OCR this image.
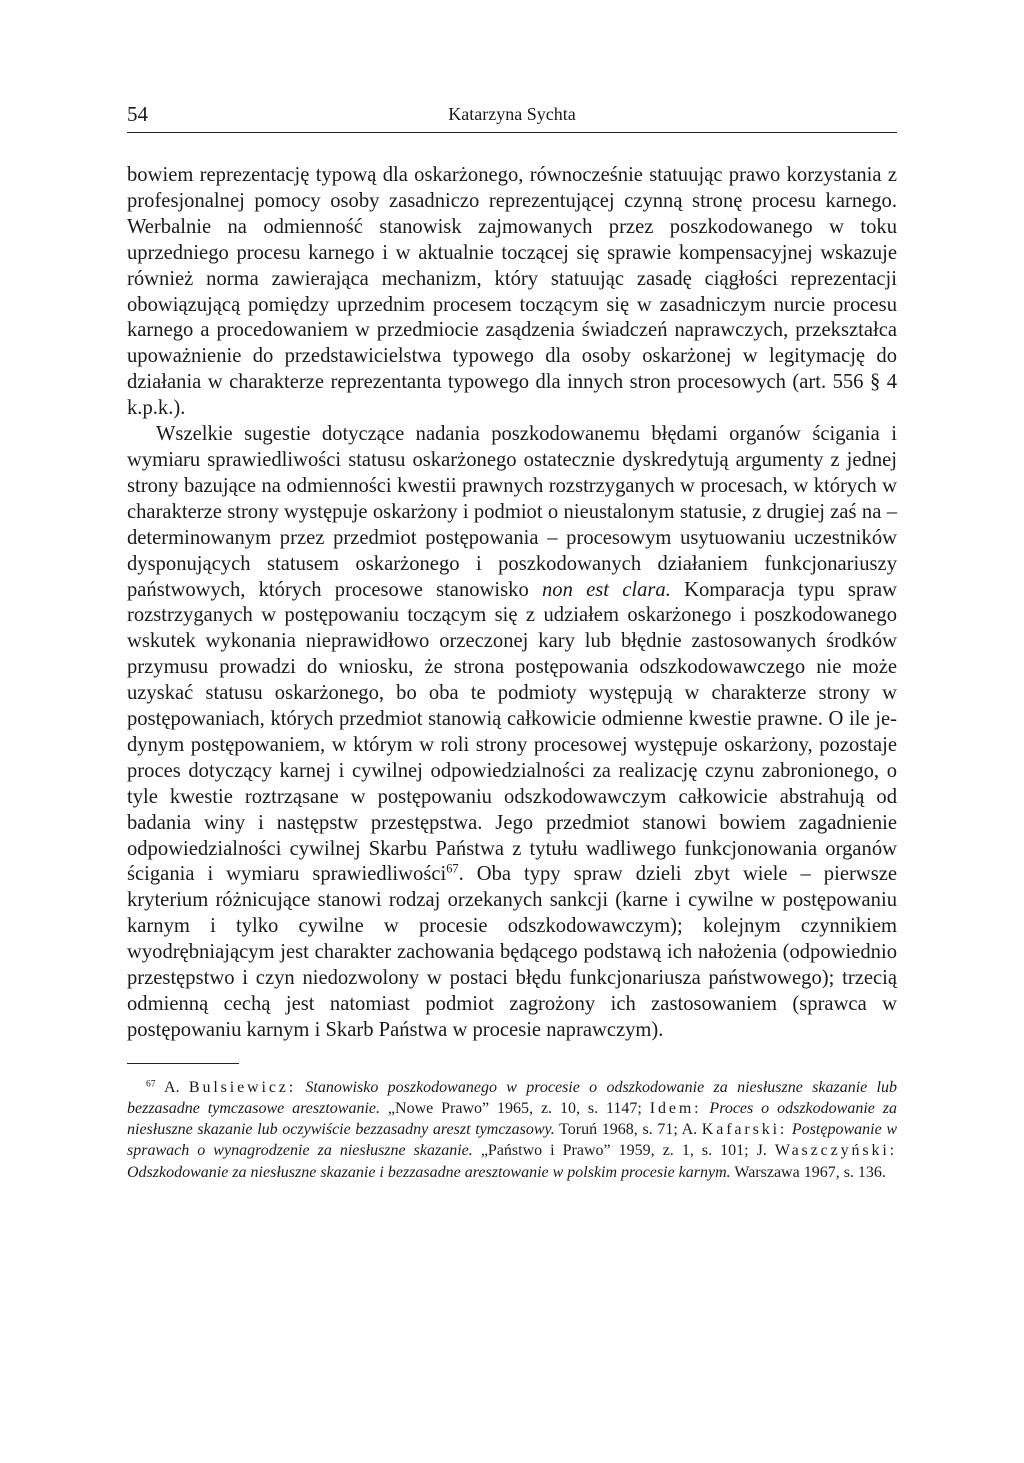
54	Katarzyna Sychta

bowiem reprezentację typową dla oskarżonego, równocześnie statuując prawo korzystania z profesjonalnej pomocy osoby zasadniczo reprezentującej czynną stronę procesu karnego. Werbalnie na odmienność stanowisk zajmowanych przez poszkodowanego w toku uprzedniego procesu karnego i w aktualnie toczącej się sprawie kompensacyjnej wskazuje również norma zawierająca mechanizm, który statuując zasadę ciągłości reprezentacji obowiązującą pomiędzy uprzednim procesem toczącym się w zasadniczym nurcie procesu karnego a procedowaniem w przedmiocie zasądzenia świadczeń naprawczych, przekształca upoważnienie do przedstawicielstwa typowego dla osoby oskarżonej w legitymację do działania w charakterze reprezentanta typowego dla innych stron procesowych (art. 556 § 4 k.p.k.).

Wszelkie sugestie dotyczące nadania poszkodowanemu błędami organów ścigania i wymiaru sprawiedliwości statusu oskarżonego ostatecznie dyskredytują argumenty z jednej strony bazujące na odmienności kwestii prawnych rozstrzyganych w procesach, w których w charakterze strony występuje oskarżony i podmiot o nieustalonym statusie, z drugiej zaś na – determinowanym przez przedmiot postępowania – procesowym usytuowaniu uczestników dysponujących statusem oskarżonego i poszkodowanych działaniem funkcjonariuszy państwowych, których procesowe stanowisko non est clara. Komparacja typu spraw rozstrzyganych w postępowaniu toczącym się z udziałem oskarżonego i poszkodowanego wskutek wykonania nieprawidłowo orzeczonej kary lub błędnie zastosowanych środków przymusu prowadzi do wniosku, że strona postępowania odszkodowawczego nie może uzyskać statusu oskarżonego, bo oba te podmioty występują w charakterze strony w postępowaniach, których przedmiot stanowią całkowicie odmienne kwestie prawne. O ile jedynym postępowaniem, w którym w roli strony procesowej występuje oskarżony, pozostaje proces dotyczący karnej i cywilnej odpowiedzialności za realizację czynu zabronionego, o tyle kwestie roztrząsane w postępowaniu odszkodowawczym całkowicie abstrahują od badania winy i następstw przestępstwa. Jego przedmiot stanowi bowiem zagadnienie odpowiedzialności cywilnej Skarbu Państwa z tytułu wadliwego funkcjonowania organów ścigania i wymiaru sprawiedliwości$^{67}$. Oba typy spraw dzieli zbyt wiele – pierwsze kryterium różnicujące stanowi rodzaj orzekanych sankcji (karne i cywilne w postępowaniu karnym i tylko cywilne w procesie odszkodowawczym); kolejnym czynnikiem wyodrębniającym jest charakter zachowania będącego podstawą ich nałożenia (odpowiednio przestępstwo i czyn niedozwolony w postaci błędu funkcjonariusza państwowego); trzecią odmienną cechą jest natomiast podmiot zagrożony ich zastosowaniem (sprawca w postępowaniu karnym i Skarb Państwa w procesie naprawczym).

$^{67}$ A. Bulsiewicz: Stanowisko poszkodowanego w procesie o odszkodowanie za niesłuszne skazanie lub bezzasadne tymczasowe aresztowanie. „Nowe Prawo” 1965, z. 10, s. 1147; Idem: Proces o odszkodowanie za niesłuszne skazanie lub oczywiście bezzasadny areszt tymczasowy. Toruń 1968, s. 71; A. Kafarski: Postępowanie w sprawach o wynagrodzenie za niesłuszne skazanie. „Państwo i Prawo” 1959, z. 1, s. 101; J. Waszczyński: Odszkodowanie za niesłuszne skazanie i bezzasadne aresztowanie w polskim procesie karnym. Warszawa 1967, s. 136.
